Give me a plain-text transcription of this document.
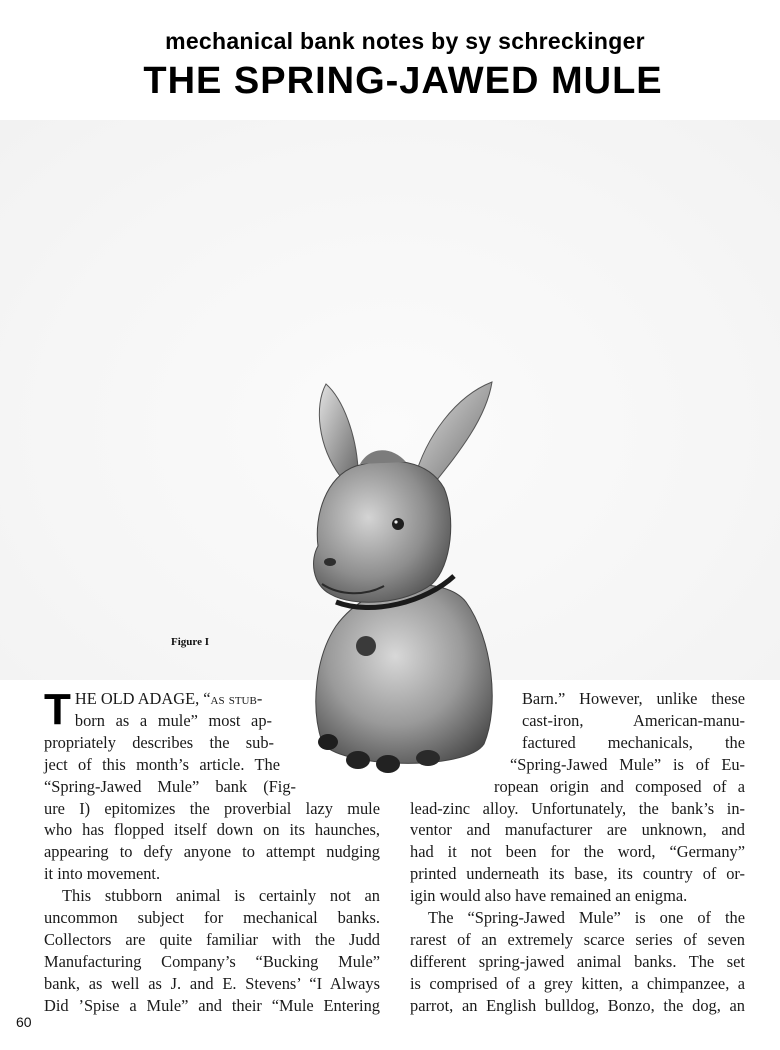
mechanical bank notes by sy schreckinger
THE SPRING-JAWED MULE
Figure I
T HE OLD ADAGE, “as stub-
born as a mule” most ap-
propriately describes the sub-
ject of this month’s article. The
“Spring-Jawed Mule” bank (Fig-
ure I) epitomizes the proverbial lazy mule
who has flopped itself down on its haunches,
appearing to defy anyone to attempt nudging
it into movement.
This stubborn animal is certainly not an
uncommon subject for mechanical banks.
Collectors are quite familiar with the Judd
Manufacturing Company’s “Bucking Mule”
bank, as well as J. and E. Stevens’ “I Always
Did ’Spise a Mule” and their “Mule Entering
Barn.” However, unlike these
cast-iron, American-manu-
factured mechanicals, the
“Spring-Jawed Mule” is of Eu-
ropean origin and composed of a
lead-zinc alloy. Unfortunately, the bank’s in-
ventor and manufacturer are unknown, and
had it not been for the word, “Germany”
printed underneath its base, its country of or-
igin would also have remained an enigma.
The “Spring-Jawed Mule” is one of the
rarest of an extremely scarce series of seven
different spring-jawed animal banks. The set
is comprised of a grey kitten, a chimpanzee, a
parrot, an English bulldog, Bonzo, the dog, an
60
